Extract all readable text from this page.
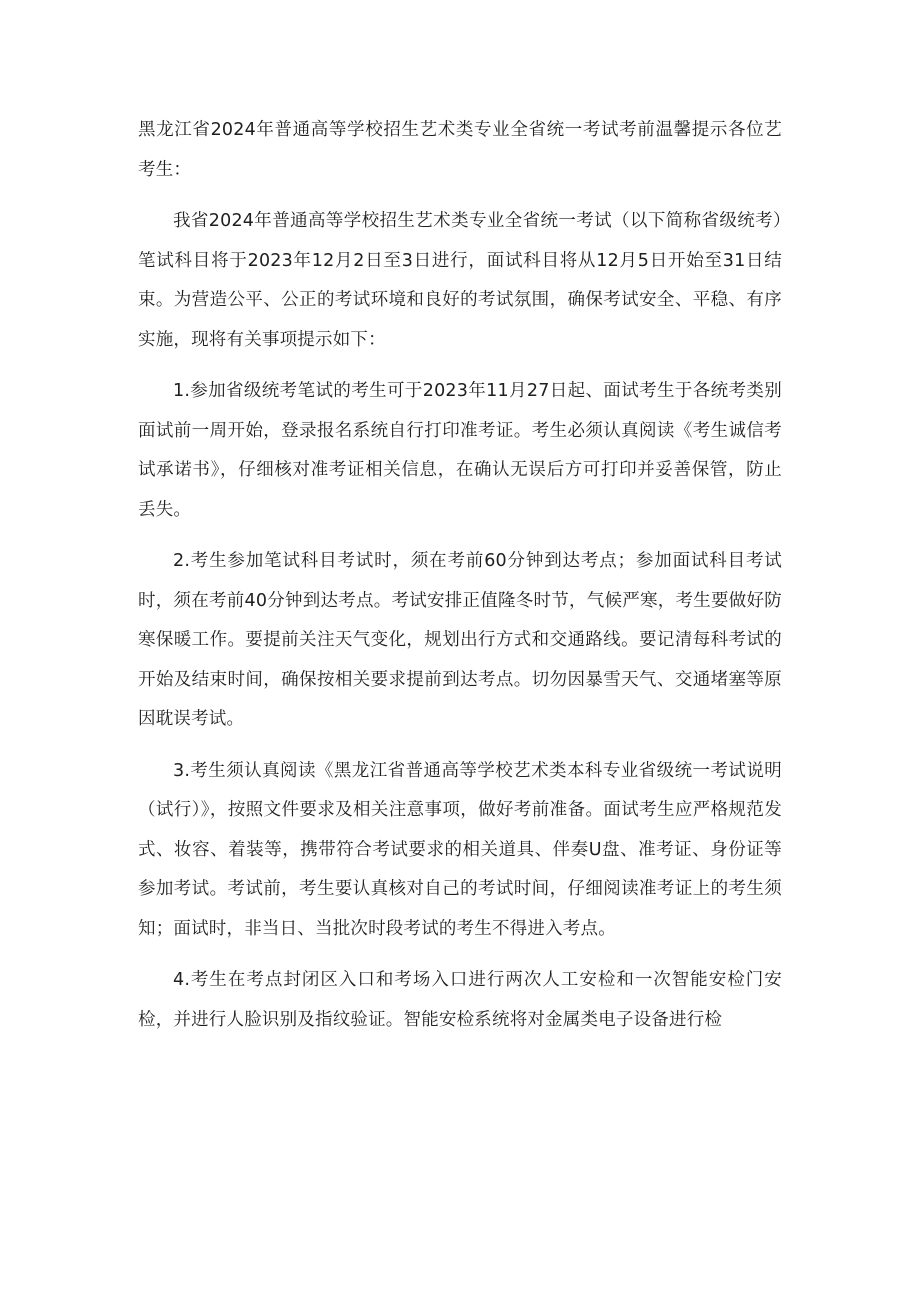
黑龙江省2024年普通高等学校招生艺术类专业全省统一考试考前温馨提示各位艺考生：

我省2024年普通高等学校招生艺术类专业全省统一考试（以下简称省级统考）笔试科目将于2023年12月2日至3日进行，面试科目将从12月5日开始至31日结束。为营造公平、公正的考试环境和良好的考试氛围，确保考试安全、平稳、有序实施，现将有关事项提示如下：

1.参加省级统考笔试的考生可于2023年11月27日起、面试考生于各统考类别面试前一周开始，登录报名系统自行打印准考证。考生必须认真阅读《考生诚信考试承诺书》，仔细核对准考证相关信息，在确认无误后方可打印并妥善保管，防止丢失。

2.考生参加笔试科目考试时，须在考前60分钟到达考点；参加面试科目考试时，须在考前40分钟到达考点。考试安排正值隆冬时节，气候严寒，考生要做好防寒保暖工作。要提前关注天气变化，规划出行方式和交通路线。要记清每科考试的开始及结束时间，确保按相关要求提前到达考点。切勿因暴雪天气、交通堵塞等原因耽误考试。

3.考生须认真阅读《黑龙江省普通高等学校艺术类本科专业省级统一考试说明（试行）》，按照文件要求及相关注意事项，做好考前准备。面试考生应严格规范发式、妆容、着装等，携带符合考试要求的相关道具、伴奏U盘、准考证、身份证等参加考试。考试前，考生要认真核对自己的考试时间，仔细阅读准考证上的考生须知；面试时，非当日、当批次时段考试的考生不得进入考点。

4.考生在考点封闭区入口和考场入口进行两次人工安检和一次智能安检门安检，并进行人脸识别及指纹验证。智能安检系统将对金属类电子设备进行检
